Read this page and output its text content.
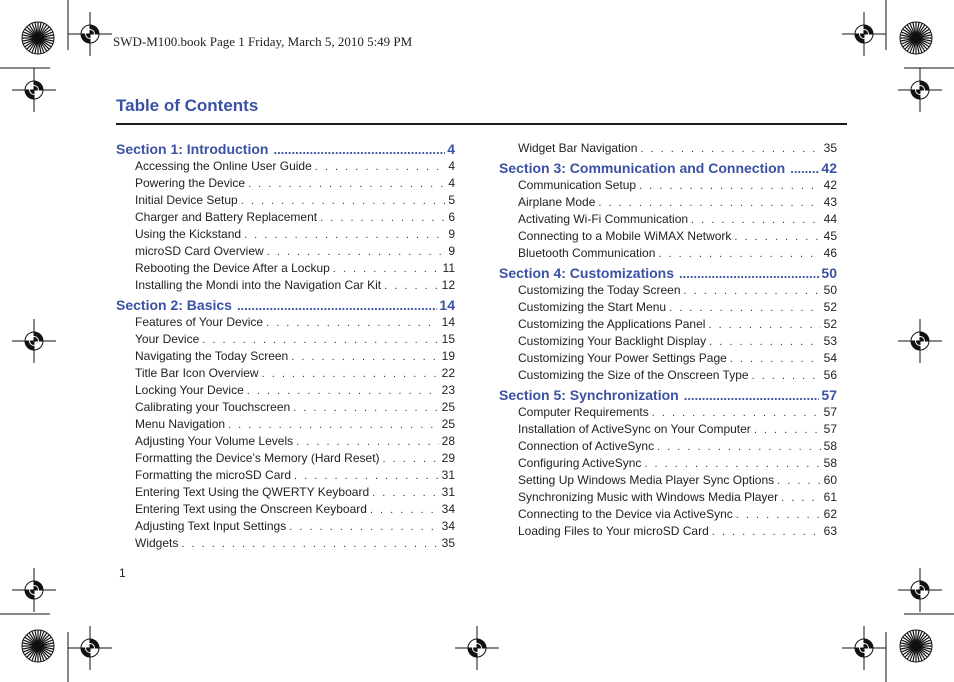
SWD-M100.book Page 1 Friday, March 5, 2010 5:49 PM
Table of Contents
Section 1: Introduction .....	4
Accessing the Online User Guide . . .	4
Powering the Device . . .	4
Initial Device Setup . . .	5
Charger and Battery Replacement . . .	6
Using the Kickstand . . .	9
microSD Card Overview . . .	9
Rebooting the Device After a Lockup . . .	11
Installing the Mondi into the Navigation Car Kit . . .	12
Section 2: Basics .....	14
Features of Your Device . . .	14
Your Device . . .	15
Navigating the Today Screen . . .	19
Title Bar Icon Overview . . .	22
Locking Your Device . . .	23
Calibrating your Touchscreen . . .	25
Menu Navigation . . .	25
Adjusting Your Volume Levels . . .	28
Formatting the Device’s Memory (Hard Reset) . . .	29
Formatting the microSD Card . . .	31
Entering Text Using the QWERTY Keyboard . . .	31
Entering Text using the Onscreen Keyboard . . .	34
Adjusting Text Input Settings . . .	34
Widgets . . .	35
Widget Bar Navigation . . .	35
Section 3: Communication and Connection .....	42
Communication Setup . . .	42
Airplane Mode . . .	43
Activating Wi-Fi Communication . . .	44
Connecting to a Mobile WiMAX Network . . .	45
Bluetooth Communication . . .	46
Section 4: Customizations .....	50
Customizing the Today Screen . . .	50
Customizing the Start Menu . . .	52
Customizing the Applications Panel . . .	52
Customizing Your Backlight Display . . .	53
Customizing Your Power Settings Page . . .	54
Customizing the Size of the Onscreen Type . . .	56
Section 5: Synchronization .....	57
Computer Requirements . . .	57
Installation of ActiveSync on Your Computer . . .	57
Connection of ActiveSync . . .	58
Configuring ActiveSync . . .	58
Setting Up Windows Media Player Sync Options . . .	60
Synchronizing Music with Windows Media Player . . .	61
Connecting to the Device via ActiveSync . . .	62
Loading Files to Your microSD Card . . .	63
1
